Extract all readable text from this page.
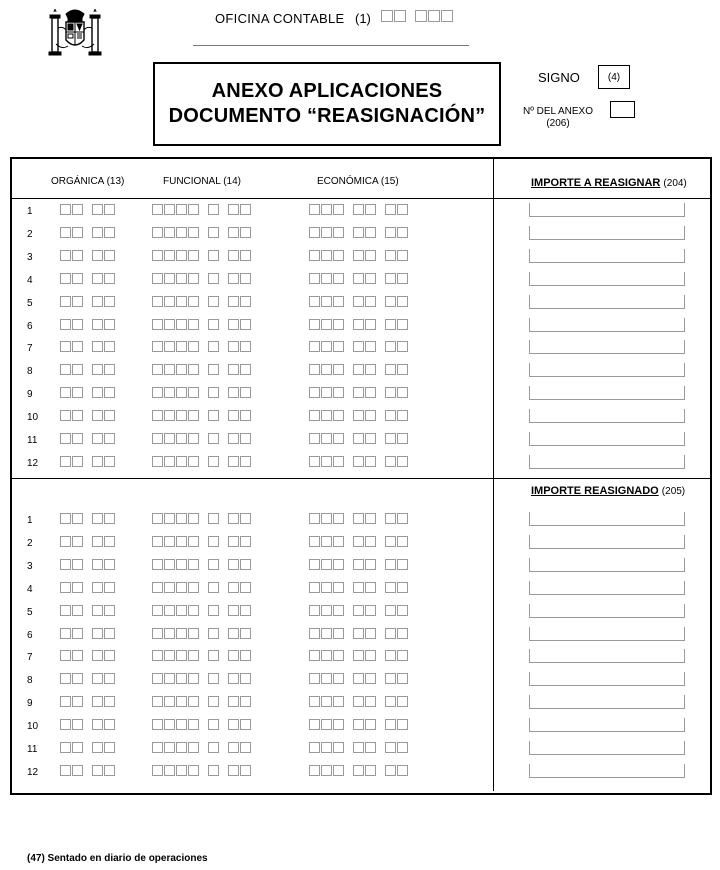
OFICINA CONTABLE (1)
ANEXO APLICACIONES
DOCUMENTO “REASIGNACIÓN”
SIGNO	(4)
Nº DEL ANEXO
(206)
ORGÁNICA (13)	FUNCIONAL (14)	ECONÓMICA (15)	IMPORTE A REASIGNAR (204)
IMPORTE REASIGNADO (205)
1
2
3
4
5
6
7
8
9
10
11
12
1
2
3
4
5
6
7
8
9
10
11
12
(47) Sentado en diario de operaciones
